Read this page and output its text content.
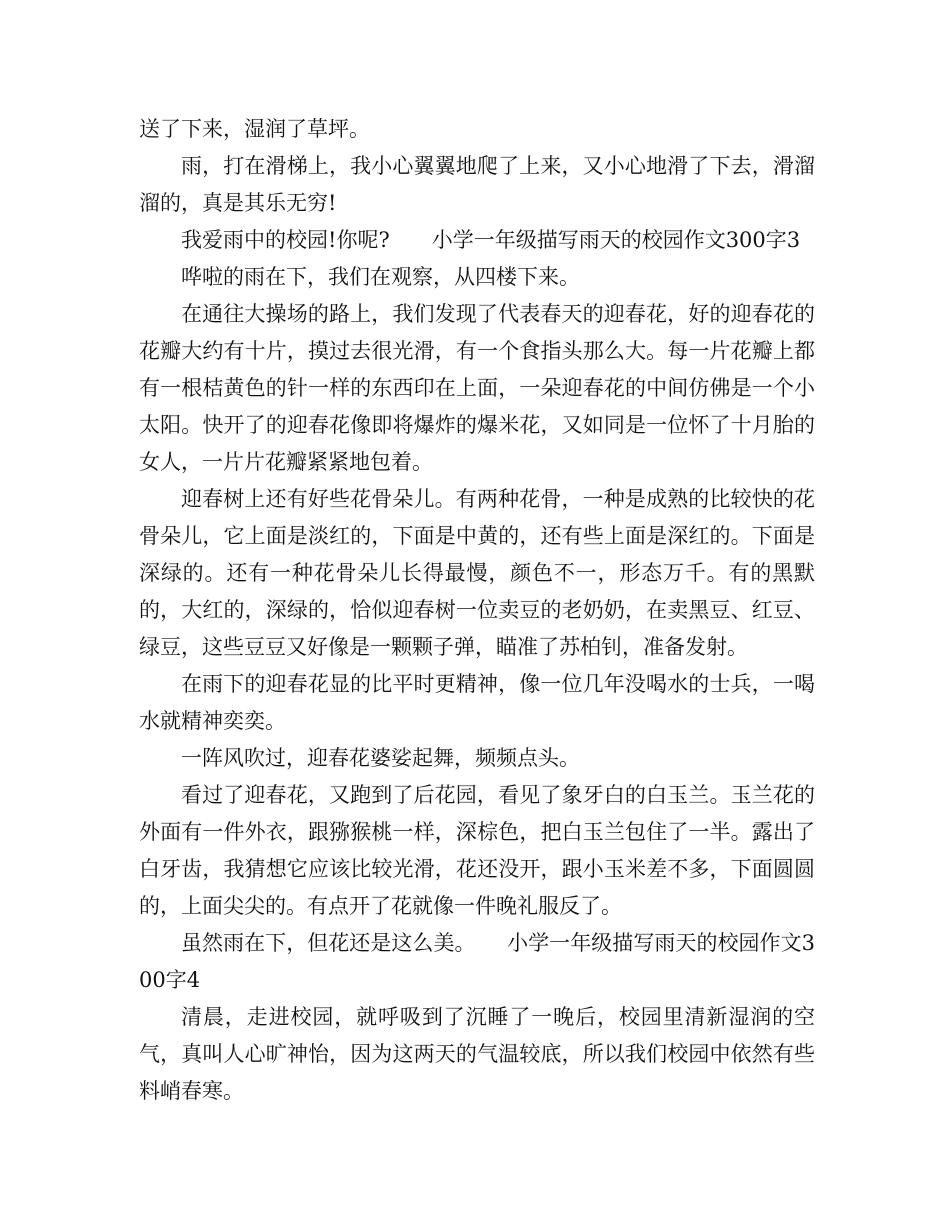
送了下来，湿润了草坪。

雨，打在滑梯上，我小心翼翼地爬了上来，又小心地滑了下去，滑溜溜的，真是其乐无穷!

我爱雨中的校园!你呢?　　小学一年级描写雨天的校园作文300字3

哗啦的雨在下，我们在观察，从四楼下来。

在通往大操场的路上，我们发现了代表春天的迎春花，好的迎春花的花瓣大约有十片，摸过去很光滑，有一个食指头那么大。每一片花瓣上都有一根桔黄色的针一样的东西印在上面，一朵迎春花的中间仿佛是一个小太阳。快开了的迎春花像即将爆炸的爆米花，又如同是一位怀了十月胎的女人，一片片花瓣紧紧地包着。

迎春树上还有好些花骨朵儿。有两种花骨，一种是成熟的比较快的花骨朵儿，它上面是淡红的，下面是中黄的，还有些上面是深红的。下面是深绿的。还有一种花骨朵儿长得最慢，颜色不一，形态万千。有的黑默的，大红的，深绿的，恰似迎春树一位卖豆的老奶奶，在卖黑豆、红豆、绿豆，这些豆豆又好像是一颗颗子弹，瞄准了苏柏钊，准备发射。

在雨下的迎春花显的比平时更精神，像一位几年没喝水的士兵，一喝水就精神奕奕。

一阵风吹过，迎春花婆娑起舞，频频点头。

看过了迎春花，又跑到了后花园，看见了象牙白的白玉兰。玉兰花的外面有一件外衣，跟猕猴桃一样，深棕色，把白玉兰包住了一半。露出了白牙齿，我猜想它应该比较光滑，花还没开，跟小玉米差不多，下面圆圆的，上面尖尖的。有点开了花就像一件晚礼服反了。

虽然雨在下，但花还是这么美。　　小学一年级描写雨天的校园作文300字4

清晨，走进校园，就呼吸到了沉睡了一晚后，校园里清新湿润的空气，真叫人心旷神怡，因为这两天的气温较底，所以我们校园中依然有些料峭春寒。
